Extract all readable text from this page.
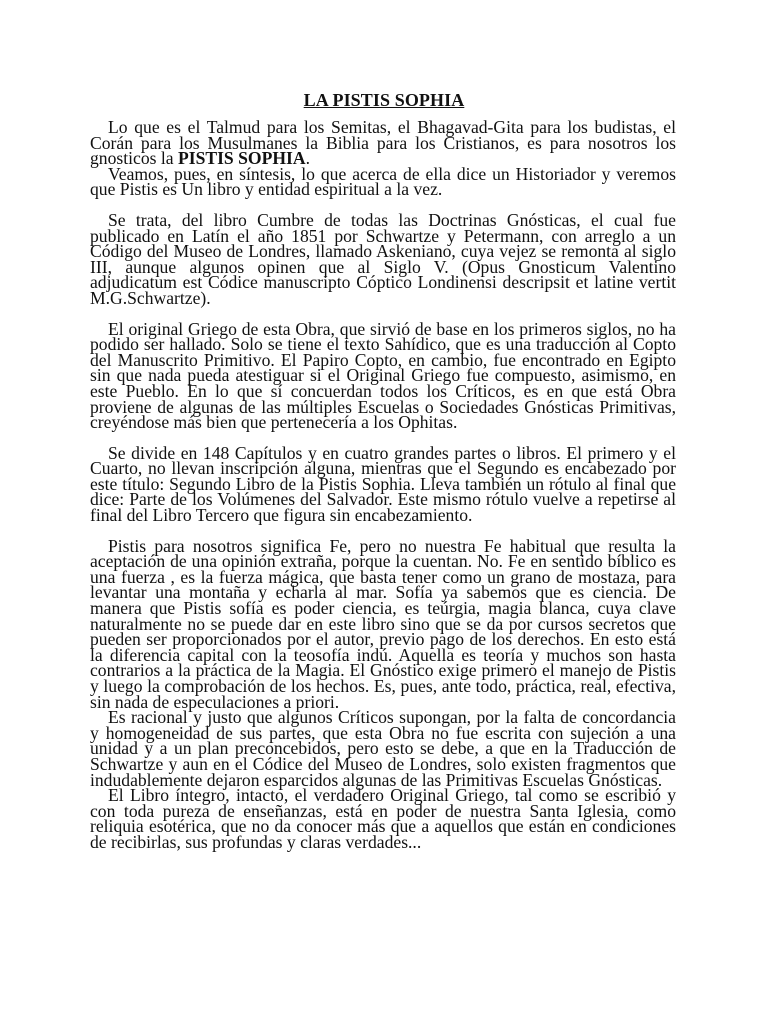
LA PISTIS SOPHIA

Lo que es el Talmud para los Semitas, el Bhagavad-Gita para los budistas, el Corán para los Musulmanes la Biblia para los Cristianos, es para nosotros los gnosticos la PISTIS SOPHIA.

Veamos, pues, en síntesis, lo que acerca de ella dice un Historiador y veremos que Pistis es Un libro y entidad espiritual a la vez.

Se trata, del libro Cumbre de todas las Doctrinas Gnósticas, el cual fue publicado en Latín el año 1851 por Schwartze y Petermann, con arreglo a un Código del Museo de Londres, llamado Askeniano, cuya vejez se remonta al siglo III, aunque algunos opinen que al Siglo V. (Opus Gnosticum Valentino adjudicatum est Códice manuscripto Cóptico Londinensi descripsit et latine vertit M.G.Schwartze).

El original Griego de esta Obra, que sirvió de base en los primeros siglos, no ha podido ser hallado. Solo se tiene el texto Sahídico, que es una traducción al Copto del Manuscrito Primitivo. El Papiro Copto, en cambio, fue encontrado en Egipto sin que nada pueda atestiguar si el Original Griego fue compuesto, asimismo, en este Pueblo. En lo que sí concuerdan todos los Críticos, es en que está Obra proviene de algunas de las múltiples Escuelas o Sociedades Gnósticas Primitivas, creyéndose más bien que pertenecería a los Ophitas.

Se divide en 148 Capítulos y en cuatro grandes partes o libros. El primero y el Cuarto, no llevan inscripción alguna, mientras que el Segundo es encabezado por este título: Segundo Libro de la Pistis Sophia. Lleva también un rótulo al final que dice: Parte de los Volúmenes del Salvador. Este mismo rótulo vuelve a repetirse al final del Libro Tercero que figura sin encabezamiento.

Pistis para nosotros significa Fe, pero no nuestra Fe habitual que resulta la aceptación de una opinión extraña, porque la cuentan. No. Fe en sentido bíblico es una fuerza , es la fuerza mágica, que basta tener como un grano de mostaza, para levantar una montaña y echarla al mar. Sofía ya sabemos que es ciencia. De manera que Pistis sofía es poder ciencia, es teúrgia, magia blanca, cuya clave naturalmente no se puede dar en este libro sino que se da por cursos secretos que pueden ser proporcionados por el autor, previo pago de los derechos. En esto está la diferencia capital con la teosofía indú. Aquella es teoría y muchos son hasta contrarios a la práctica de la Magia. El Gnóstico exige primero el manejo de Pistis y luego la comprobación de los hechos. Es, pues, ante todo, práctica, real, efectiva, sin nada de especulaciones a priori.

Es racional y justo que algunos Críticos supongan, por la falta de concordancia y homogeneidad de sus partes, que esta Obra no fue escrita con sujeción a una unidad y a un plan preconcebidos, pero esto se debe, a que en la Traducción de Schwartze y aun en el Códice del Museo de Londres, solo existen fragmentos que indudablemente dejaron esparcidos algunas de las Primitivas Escuelas Gnósticas.

El Libro íntegro, intacto, el verdadero Original Griego, tal como se escribió y con toda pureza de enseñanzas, está en poder de nuestra Santa Iglesia, como reliquia esotérica, que no da conocer más que a aquellos que están en condiciones de recibirlas, sus profundas y claras verdades...
